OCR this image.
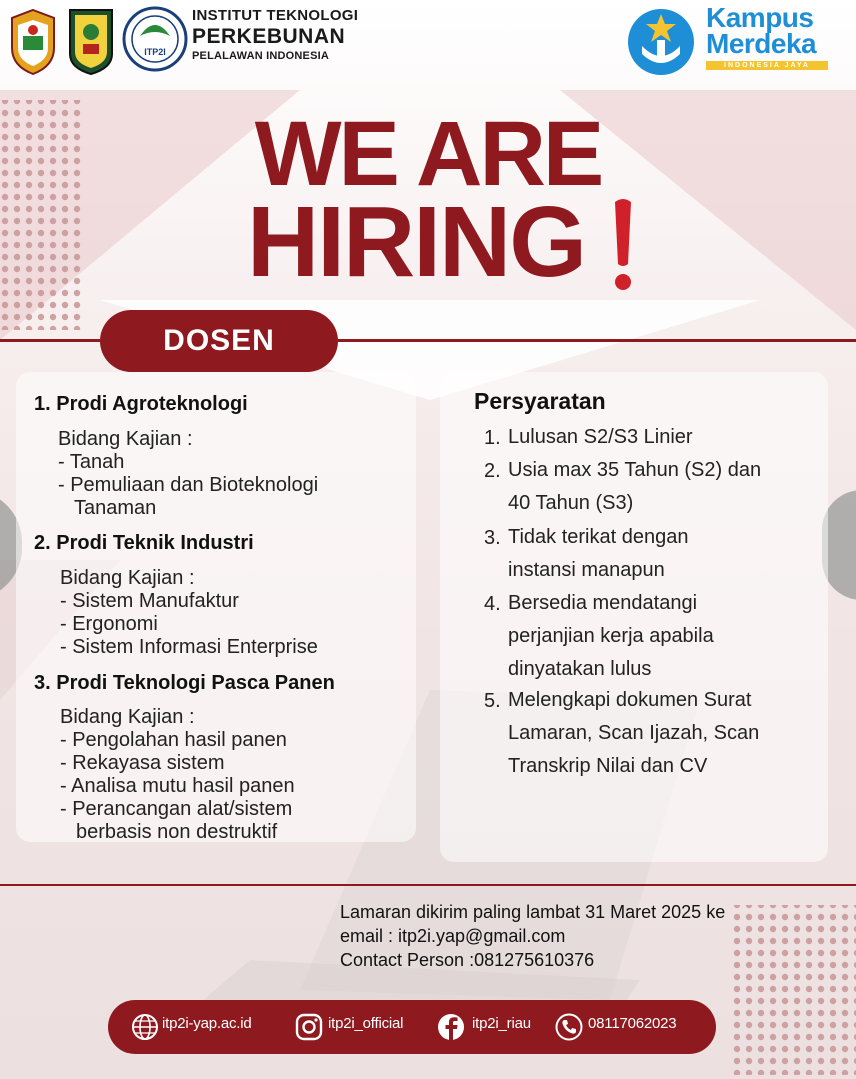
ITP2I
INSTITUT TEKNOLOGI
PERKEBUNAN
PELALAWAN INDONESIA
Kampus
Merdeka
INDONESIA JAYA
WE ARE
HIRING
DOSEN
1. Prodi Agroteknologi
Bidang Kajian :
- Tanah
- Pemuliaan dan Bioteknologi
Tanaman
2. Prodi Teknik Industri
Bidang Kajian :
- Sistem Manufaktur
- Ergonomi
- Sistem Informasi Enterprise
3. Prodi Teknologi Pasca Panen
Bidang Kajian :
- Pengolahan hasil panen
- Rekayasa sistem
- Analisa mutu hasil panen
- Perancangan alat/sistem
berbasis non destruktif
Persyaratan
1. Lulusan S2/S3 Linier
2. Usia max 35 Tahun (S2) dan
40 Tahun (S3)
3. Tidak terikat dengan
instansi manapun
4. Bersedia mendatangi
perjanjian kerja apabila
dinyatakan lulus
5. Melengkapi dokumen Surat
Lamaran, Scan Ijazah, Scan
Transkrip Nilai dan CV
Lamaran dikirim paling lambat 31 Maret 2025 ke
email : itp2i.yap@gmail.com
Contact Person :081275610376
itp2i-yap.ac.id	itp2i_official	itp2i_riau	08117062023
